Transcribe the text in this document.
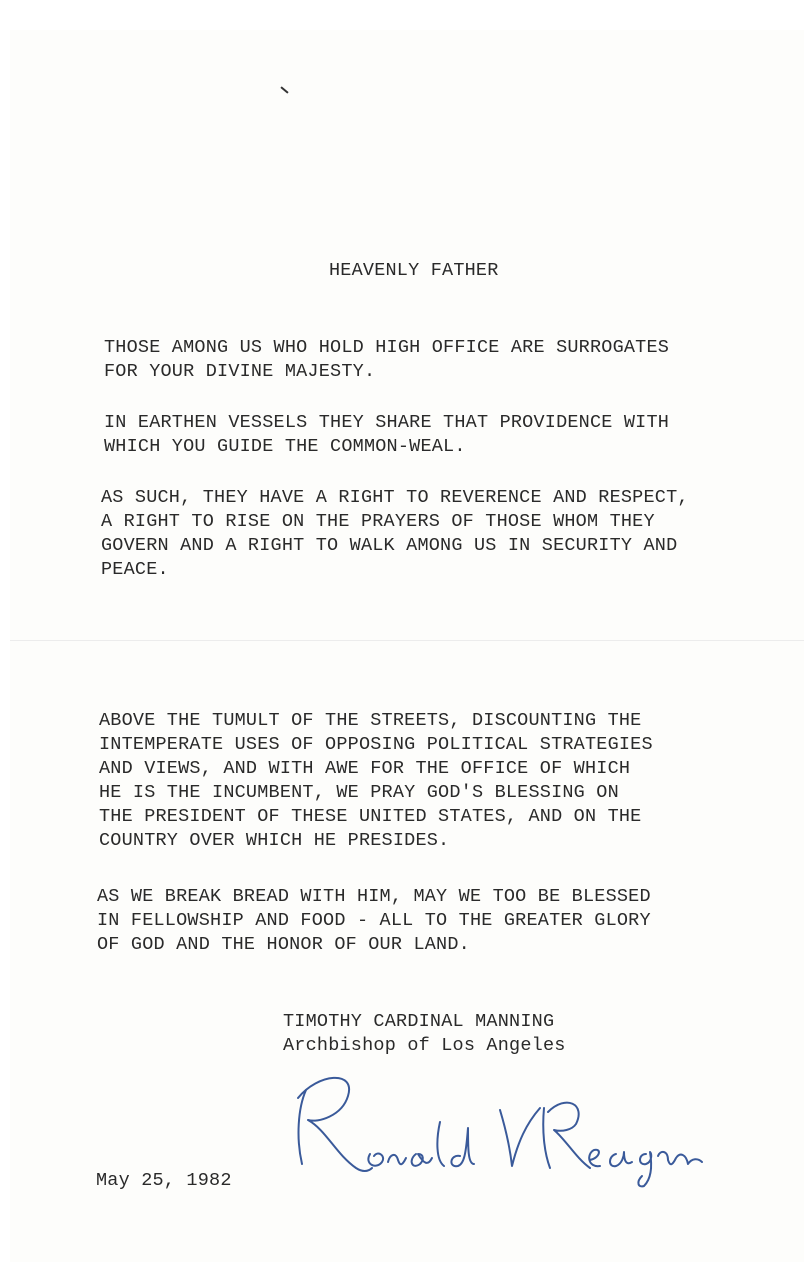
HEAVENLY FATHER

THOSE AMONG US WHO HOLD HIGH OFFICE ARE SURROGATES
FOR YOUR DIVINE MAJESTY.
IN EARTHEN VESSELS THEY SHARE THAT PROVIDENCE WITH
WHICH YOU GUIDE THE COMMON-WEAL.
AS SUCH, THEY HAVE A RIGHT TO REVERENCE AND RESPECT,
A RIGHT TO RISE ON THE PRAYERS OF THOSE WHOM THEY
GOVERN AND A RIGHT TO WALK AMONG US IN SECURITY AND
PEACE.
ABOVE THE TUMULT OF THE STREETS, DISCOUNTING THE
INTEMPERATE USES OF OPPOSING POLITICAL STRATEGIES
AND VIEWS, AND WITH AWE FOR THE OFFICE OF WHICH
HE IS THE INCUMBENT, WE PRAY GOD'S BLESSING ON
THE PRESIDENT OF THESE UNITED STATES, AND ON THE
COUNTRY OVER WHICH HE PRESIDES.
AS WE BREAK BREAD WITH HIM, MAY WE TOO BE BLESSED
IN FELLOWSHIP AND FOOD - ALL TO THE GREATER GLORY
OF GOD AND THE HONOR OF OUR LAND.
TIMOTHY CARDINAL MANNING
Archbishop of Los Angeles
May 25, 1982
